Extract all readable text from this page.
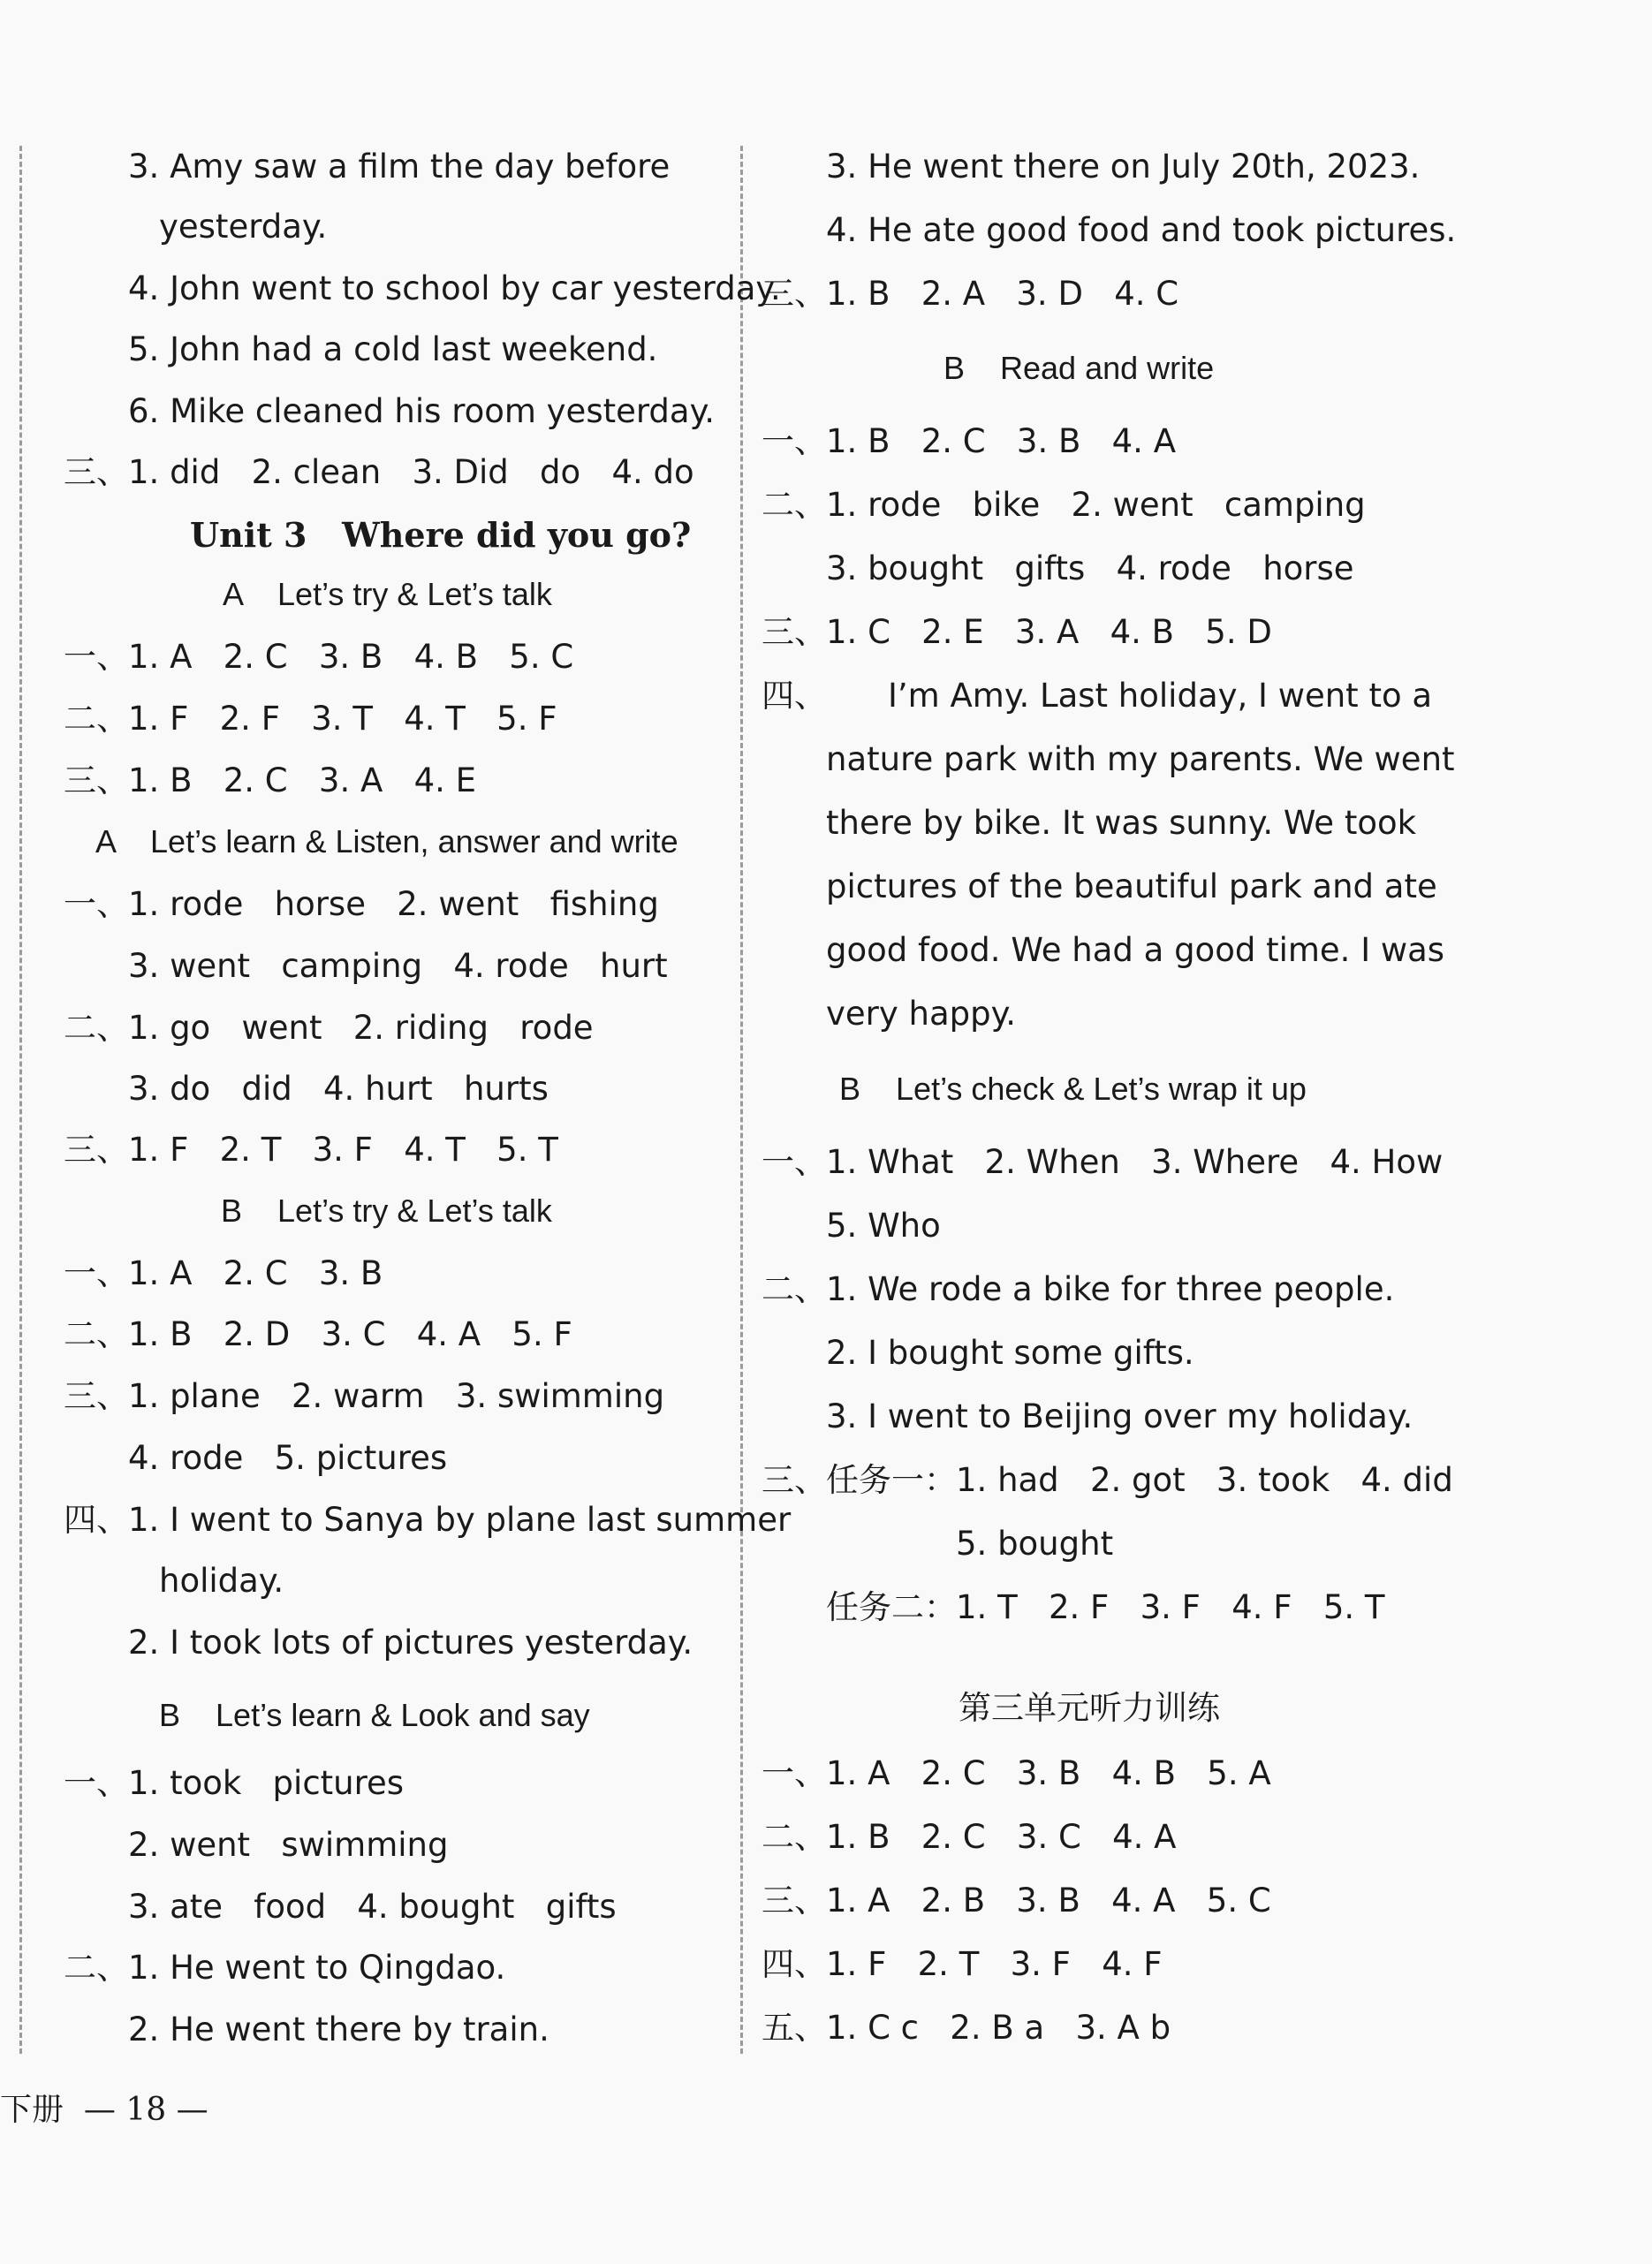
3. Amy saw a film the day before
yesterday.
4. John went to school by car yesterday.
5. John had a cold last weekend.
6. Mike cleaned his room yesterday.
三、 1. did   2. clean   3. Did   do   4. do
Unit 3   Where did you go?
A    Let’s try & Let’s talk
一、 1. A   2. C   3. B   4. B   5. C
二、 1. F   2. F   3. T   4. T   5. F
三、 1. B   2. C   3. A   4. E
A    Let’s learn & Listen, answer and write
一、 1. rode   horse   2. went   fishing
3. went   camping   4. rode   hurt
二、 1. go   went   2. riding   rode
3. do   did   4. hurt   hurts
三、 1. F   2. T   3. F   4. T   5. T
B    Let’s try & Let’s talk
一、 1. A   2. C   3. B
二、 1. B   2. D   3. C   4. A   5. F
三、 1. plane   2. warm   3. swimming
4. rode   5. pictures
四、 1. I went to Sanya by plane last summer
holiday.
2. I took lots of pictures yesterday.
B    Let’s learn & Look and say
一、 1. took   pictures
2. went   swimming
3. ate   food   4. bought   gifts
二、 1. He went to Qingdao.
2. He went there by train.
3. He went there on July 20th, 2023.
4. He ate good food and took pictures.
三、 1. B   2. A   3. D   4. C
B    Read and write
一、 1. B   2. C   3. B   4. A
二、 1. rode   bike   2. went   camping
3. bought   gifts   4. rode   horse
三、 1. C   2. E   3. A   4. B   5. D
四、 I’m Amy. Last holiday, I went to a
nature park with my parents. We went
there by bike. It was sunny. We took
pictures of the beautiful park and ate
good food. We had a good time. I was
very happy.
B    Let’s check & Let’s wrap it up
一、 1. What   2. When   3. Where   4. How
5. Who
二、 1. We rode a bike for three people.
2. I bought some gifts.
3. I went to Beijing over my holiday.
三、 任务一： 1. had   2. got   3. took   4. did
5. bought
任务二： 1. T   2. F   3. F   4. F   5. T
第三单元听力训练
一、 1. A   2. C   3. B   4. B   5. A
二、 1. B   2. C   3. C   4. A
三、 1. A   2. B   3. B   4. A   5. C
四、 1. F   2. T   3. F   4. F
五、 1. C c   2. B a   3. A b
下册  — 18 —
